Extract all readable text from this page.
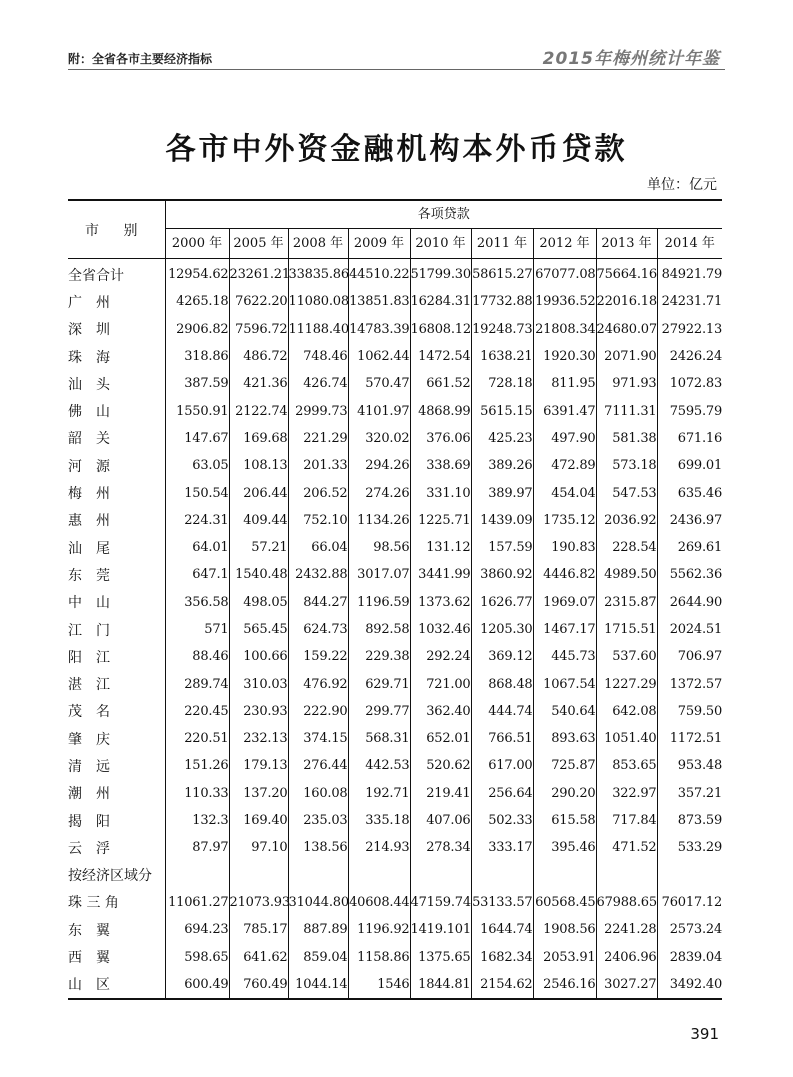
附：全省各市主要经济指标	2015年梅州统计年鉴
各市中外资金融机构本外币贷款
单位：亿元
市 别	各项贷款								
	2000 年	2005 年	2008 年	2009 年	2010 年	2011 年	2012 年	2013 年	2014 年
全省合计	12954.62	23261.21	33835.86	44510.22	51799.30	58615.27	67077.08	75664.16	84921.79
广　州	4265.18	7622.20	11080.08	13851.83	16284.31	17732.88	19936.52	22016.18	24231.71
深　圳	2906.82	7596.72	11188.40	14783.39	16808.12	19248.73	21808.34	24680.07	27922.13
珠　海	318.86	486.72	748.46	1062.44	1472.54	1638.21	1920.30	2071.90	2426.24
汕　头	387.59	421.36	426.74	570.47	661.52	728.18	811.95	971.93	1072.83
佛　山	1550.91	2122.74	2999.73	4101.97	4868.99	5615.15	6391.47	7111.31	7595.79
韶　关	147.67	169.68	221.29	320.02	376.06	425.23	497.90	581.38	671.16
河　源	63.05	108.13	201.33	294.26	338.69	389.26	472.89	573.18	699.01
梅　州	150.54	206.44	206.52	274.26	331.10	389.97	454.04	547.53	635.46
惠　州	224.31	409.44	752.10	1134.26	1225.71	1439.09	1735.12	2036.92	2436.97
汕　尾	64.01	57.21	66.04	98.56	131.12	157.59	190.83	228.54	269.61
东　莞	647.1	1540.48	2432.88	3017.07	3441.99	3860.92	4446.82	4989.50	5562.36
中　山	356.58	498.05	844.27	1196.59	1373.62	1626.77	1969.07	2315.87	2644.90
江　门	571	565.45	624.73	892.58	1032.46	1205.30	1467.17	1715.51	2024.51
阳　江	88.46	100.66	159.22	229.38	292.24	369.12	445.73	537.60	706.97
湛　江	289.74	310.03	476.92	629.71	721.00	868.48	1067.54	1227.29	1372.57
茂　名	220.45	230.93	222.90	299.77	362.40	444.74	540.64	642.08	759.50
肇　庆	220.51	232.13	374.15	568.31	652.01	766.51	893.63	1051.40	1172.51
清　远	151.26	179.13	276.44	442.53	520.62	617.00	725.87	853.65	953.48
潮　州	110.33	137.20	160.08	192.71	219.41	256.64	290.20	322.97	357.21
揭　阳	132.3	169.40	235.03	335.18	407.06	502.33	615.58	717.84	873.59
云　浮	87.97	97.10	138.56	214.93	278.34	333.17	395.46	471.52	533.29
按经济区域分									
珠 三 角	11061.27	21073.93	31044.80	40608.44	47159.74	53133.57	60568.45	67988.65	76017.12
东　翼	694.23	785.17	887.89	1196.92	1419.101	1644.74	1908.56	2241.28	2573.24
西　翼	598.65	641.62	859.04	1158.86	1375.65	1682.34	2053.91	2406.96	2839.04
山　区	600.49	760.49	1044.14	1546	1844.81	2154.62	2546.16	3027.27	3492.40
391
